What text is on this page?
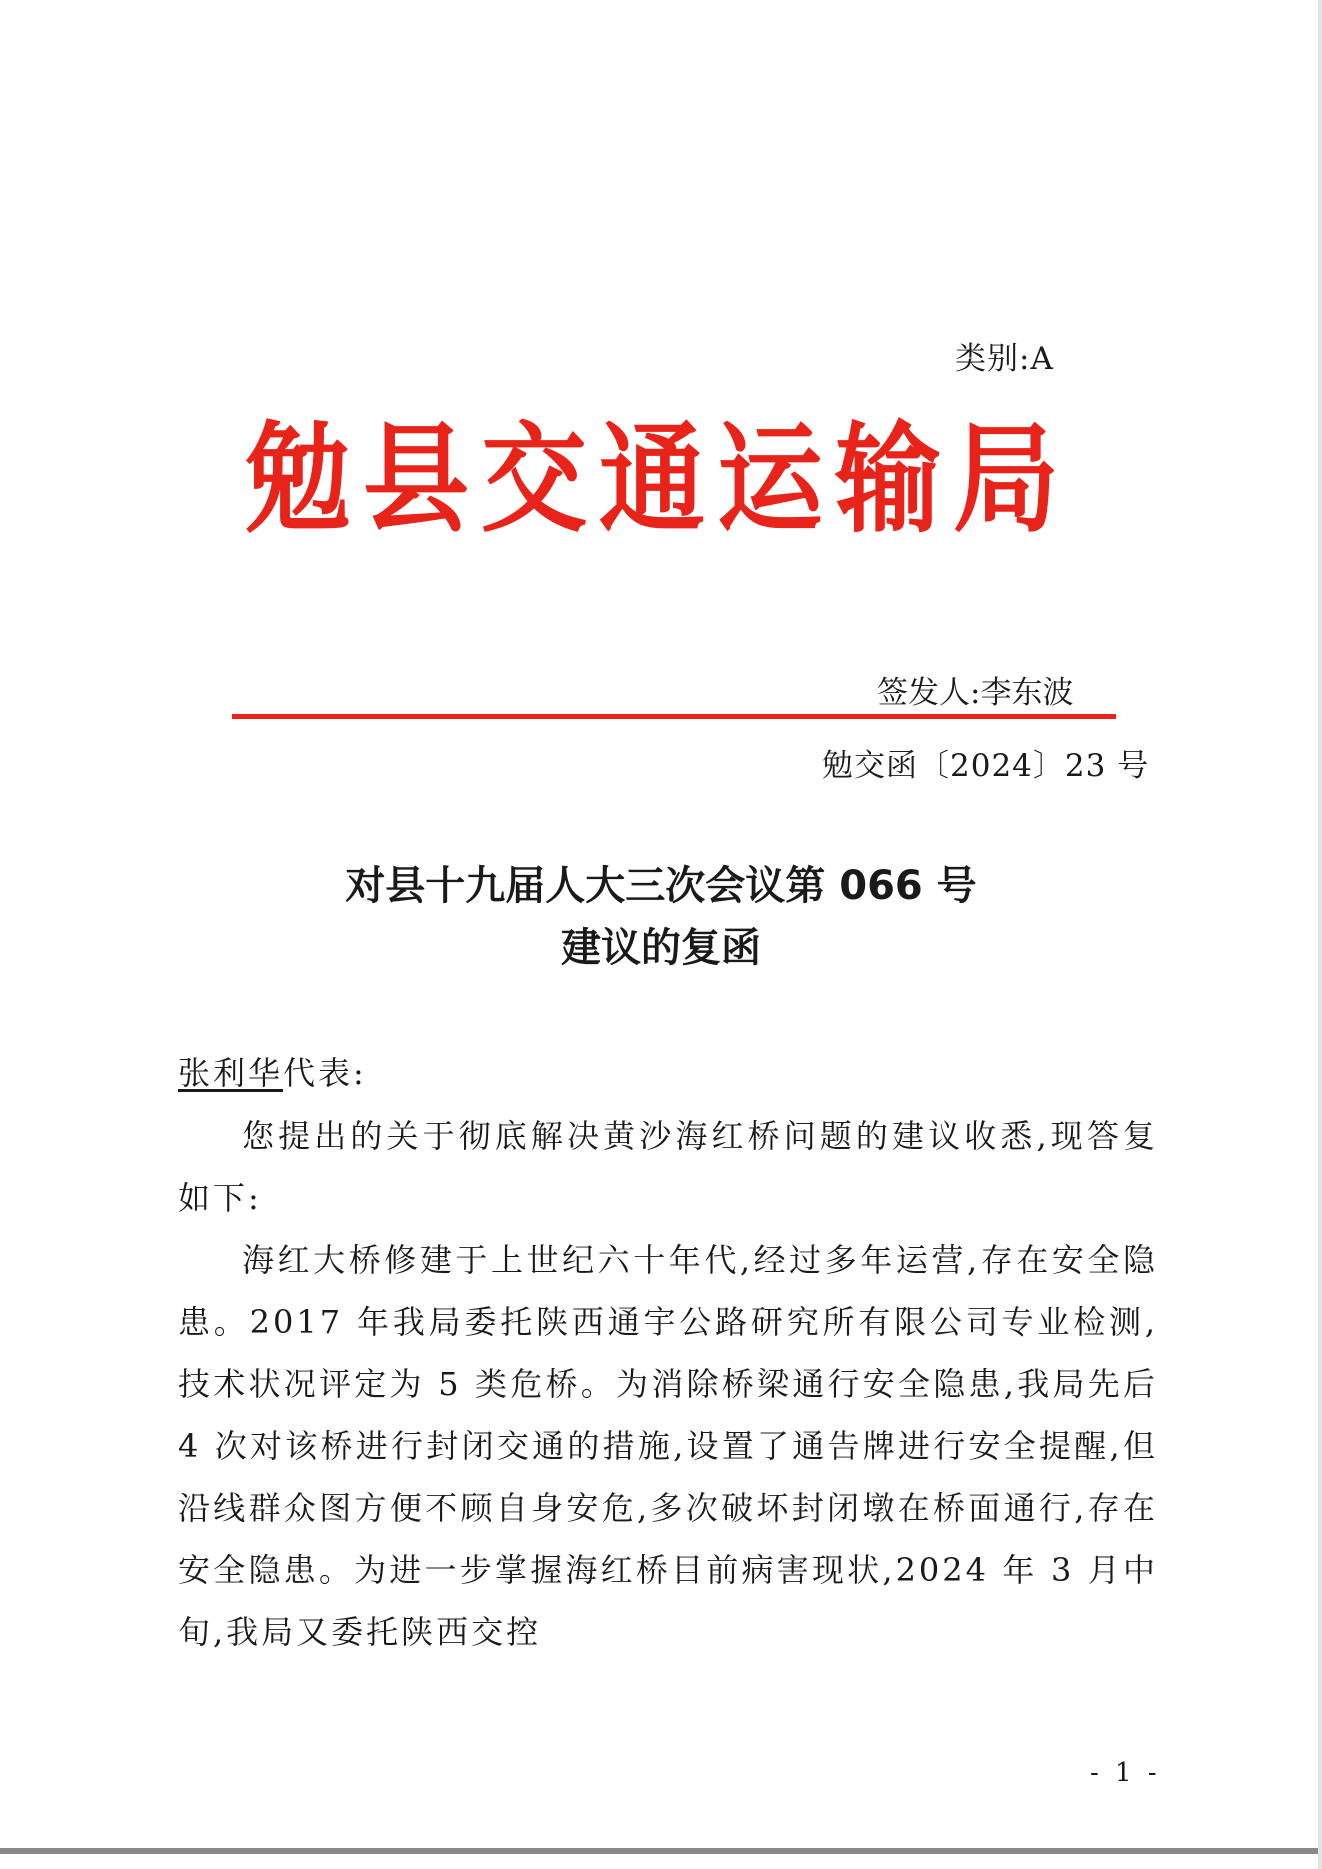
类别:A
勉县交通运输局
签发人:李东波
勉交函〔2024〕23 号
对县十九届人大三次会议第 066 号
建议的复函
张利华代表:

您提出的关于彻底解决黄沙海红桥问题的建议收悉,现答复如下:

海红大桥修建于上世纪六十年代,经过多年运营,存在安全隐患。2017 年我局委托陕西通宇公路研究所有限公司专业检测,技术状况评定为 5 类危桥。为消除桥梁通行安全隐患,我局先后 4 次对该桥进行封闭交通的措施,设置了通告牌进行安全提醒,但沿线群众图方便不顾自身安危,多次破坏封闭墩在桥面通行,存在安全隐患。为进一步掌握海红桥目前病害现状,2024 年 3 月中旬,我局又委托陕西交控

- 1 -
